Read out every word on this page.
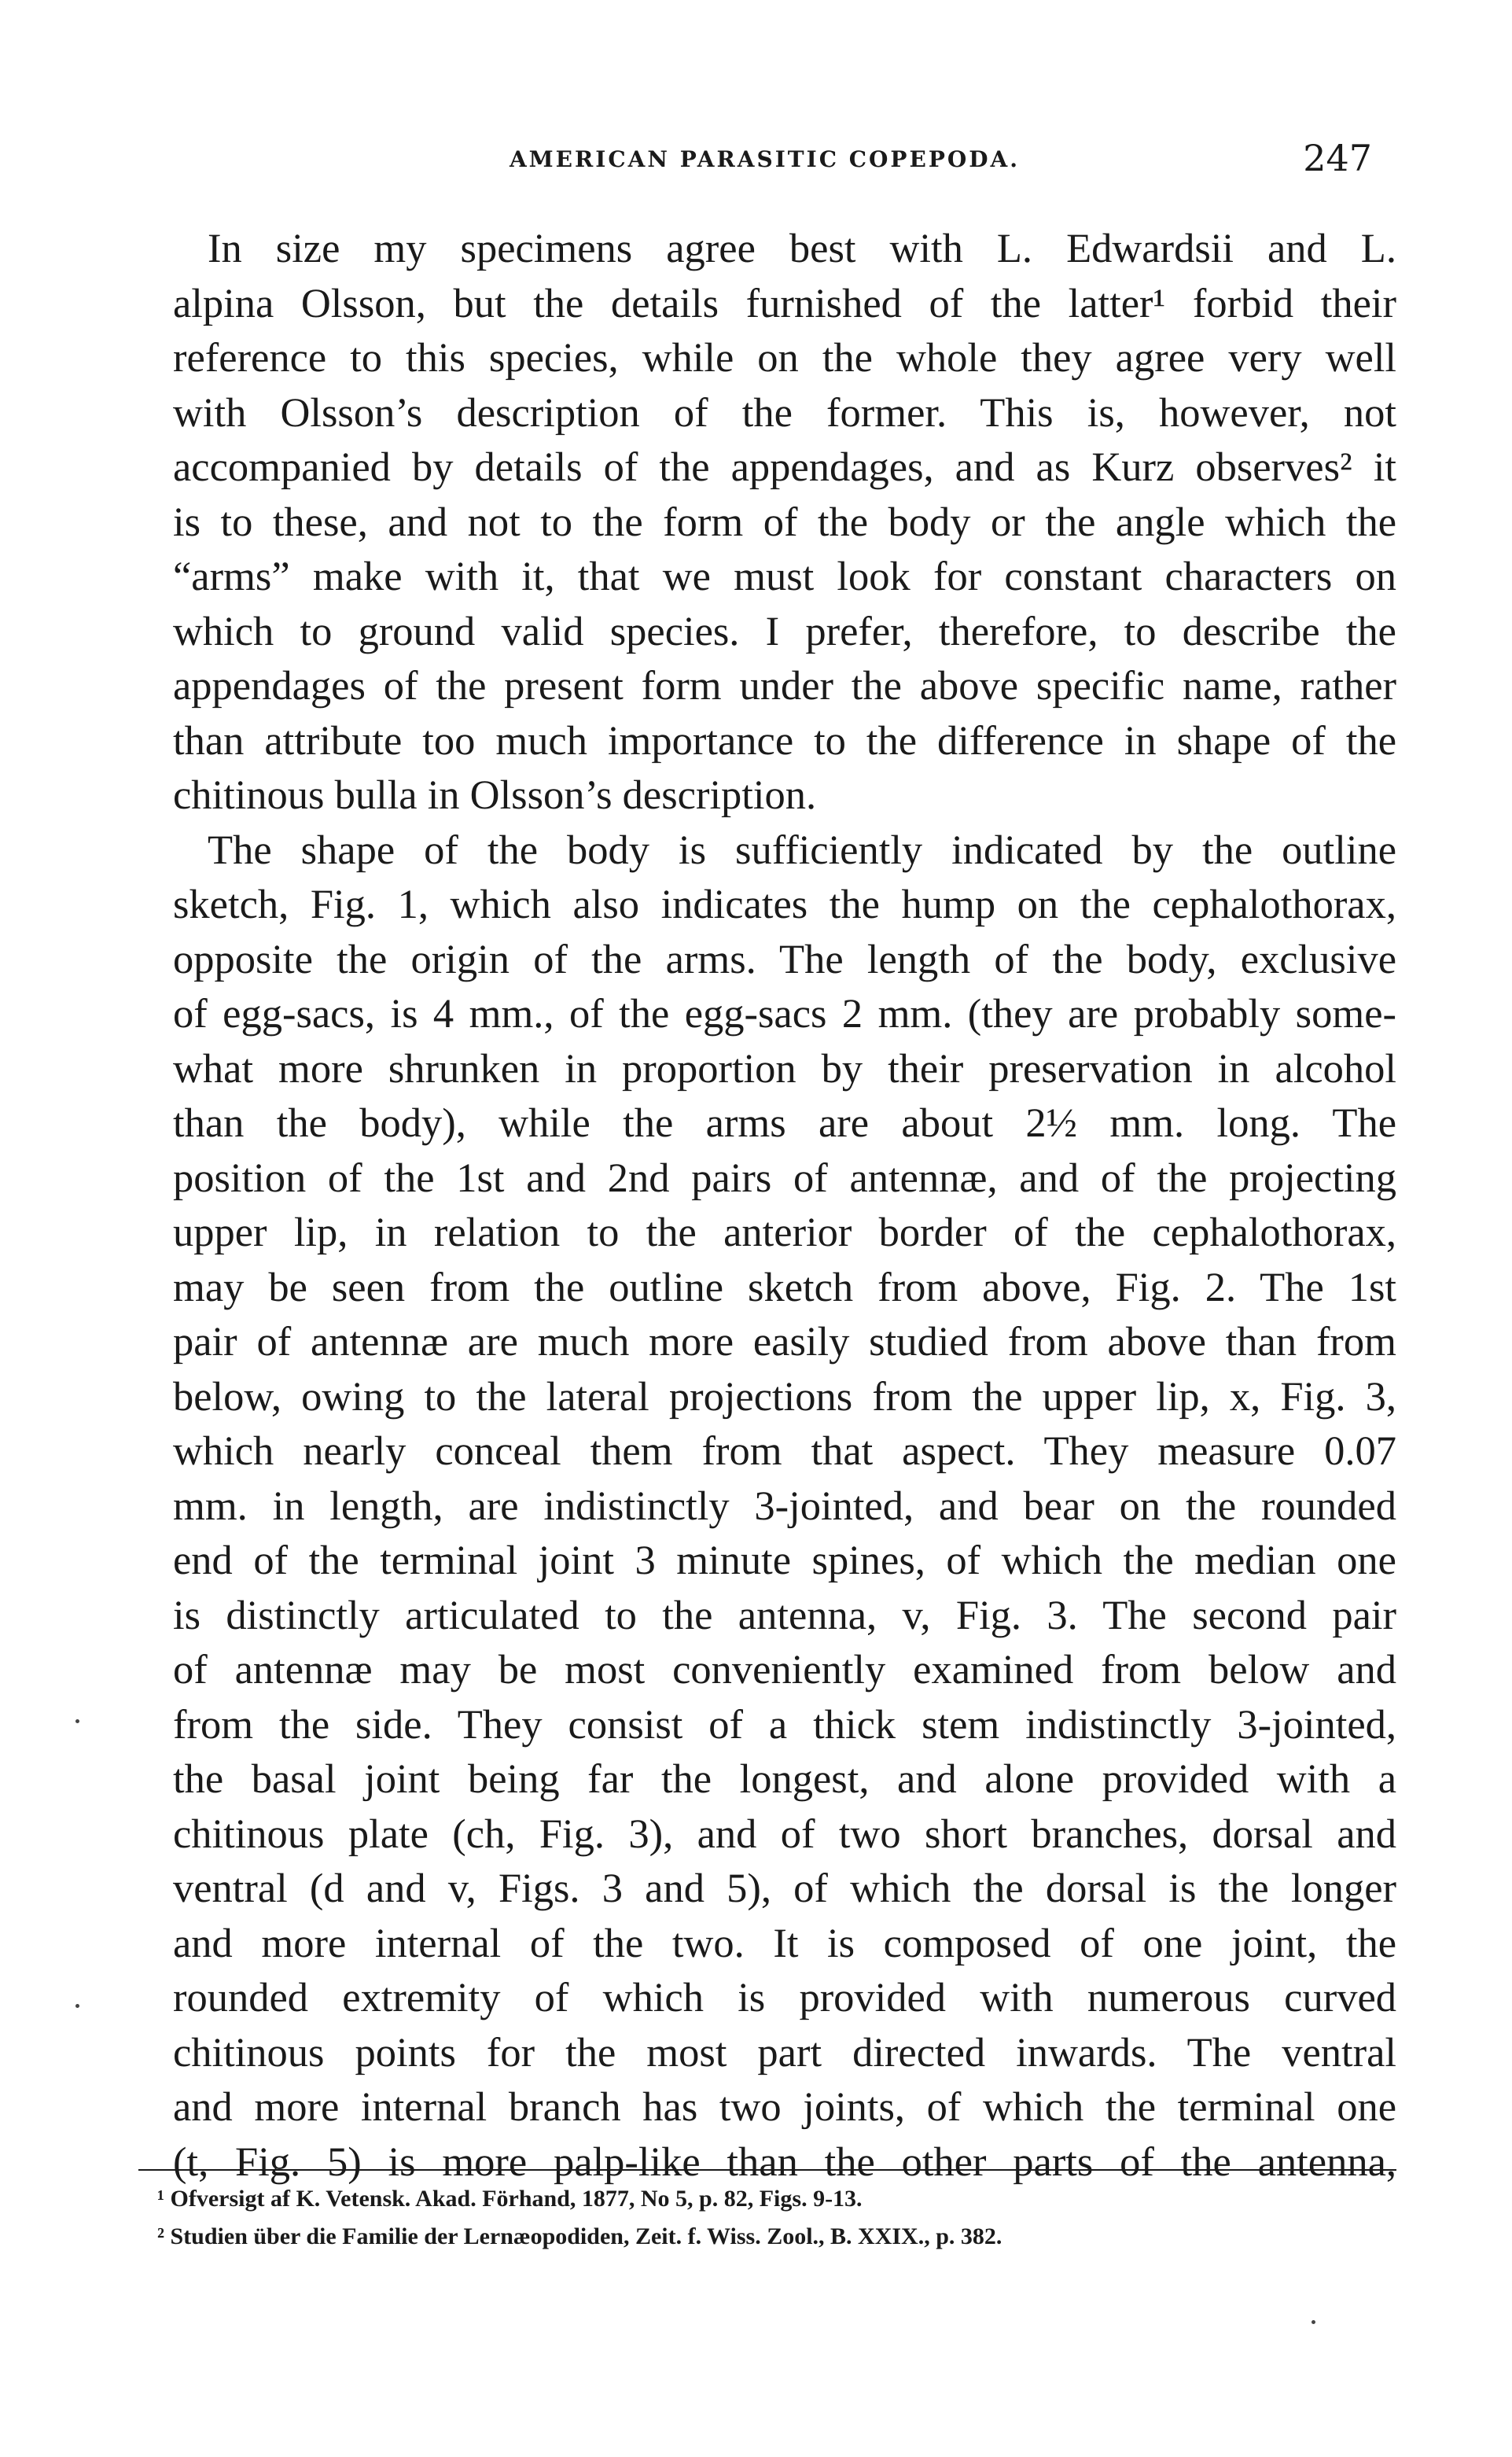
AMERICAN PARASITIC COPEPODA.	247
In size my specimens agree best with L. Edwardsii and L.
alpina Olsson, but the details furnished of the latter¹ forbid their
reference to this species, while on the whole they agree very well
with Olsson’s description of the former. This is, however, not
accompanied by details of the appendages, and as Kurz observes² it
is to these, and not to the form of the body or the angle which the
“arms” make with it, that we must look for constant characters on
which to ground valid species. I prefer, therefore, to describe the
appendages of the present form under the above specific name, rather
than attribute too much importance to the difference in shape of the
chitinous bulla in Olsson’s description.
The shape of the body is sufficiently indicated by the outline
sketch, Fig. 1, which also indicates the hump on the cephalothorax,
opposite the origin of the arms. The length of the body, exclusive
of egg-sacs, is 4 mm., of the egg-sacs 2 mm. (they are probably some-
what more shrunken in proportion by their preservation in alcohol
than the body), while the arms are about 2½ mm. long. The
position of the 1st and 2nd pairs of antennæ, and of the projecting
upper lip, in relation to the anterior border of the cephalothorax,
may be seen from the outline sketch from above, Fig. 2. The 1st
pair of antennæ are much more easily studied from above than from
below, owing to the lateral projections from the upper lip, x, Fig. 3,
which nearly conceal them from that aspect. They measure 0.07
mm. in length, are indistinctly 3-jointed, and bear on the rounded
end of the terminal joint 3 minute spines, of which the median one
is distinctly articulated to the antenna, v, Fig. 3. The second pair
of antennæ may be most conveniently examined from below and
from the side. They consist of a thick stem indistinctly 3-jointed,
the basal joint being far the longest, and alone provided with a
chitinous plate (ch, Fig. 3), and of two short branches, dorsal and
ventral (d and v, Figs. 3 and 5), of which the dorsal is the longer
and more internal of the two. It is composed of one joint, the
rounded extremity of which is provided with numerous curved
chitinous points for the most part directed inwards. The ventral
and more internal branch has two joints, of which the terminal one
(t, Fig. 5) is more palp-like than the other parts of the antenna,
¹ Ofversigt af K. Vetensk. Akad. Förhand, 1877, No 5, p. 82, Figs. 9-13.
² Studien über die Familie der Lernæopodiden, Zeit. f. Wiss. Zool., B. XXIX., p. 382.
